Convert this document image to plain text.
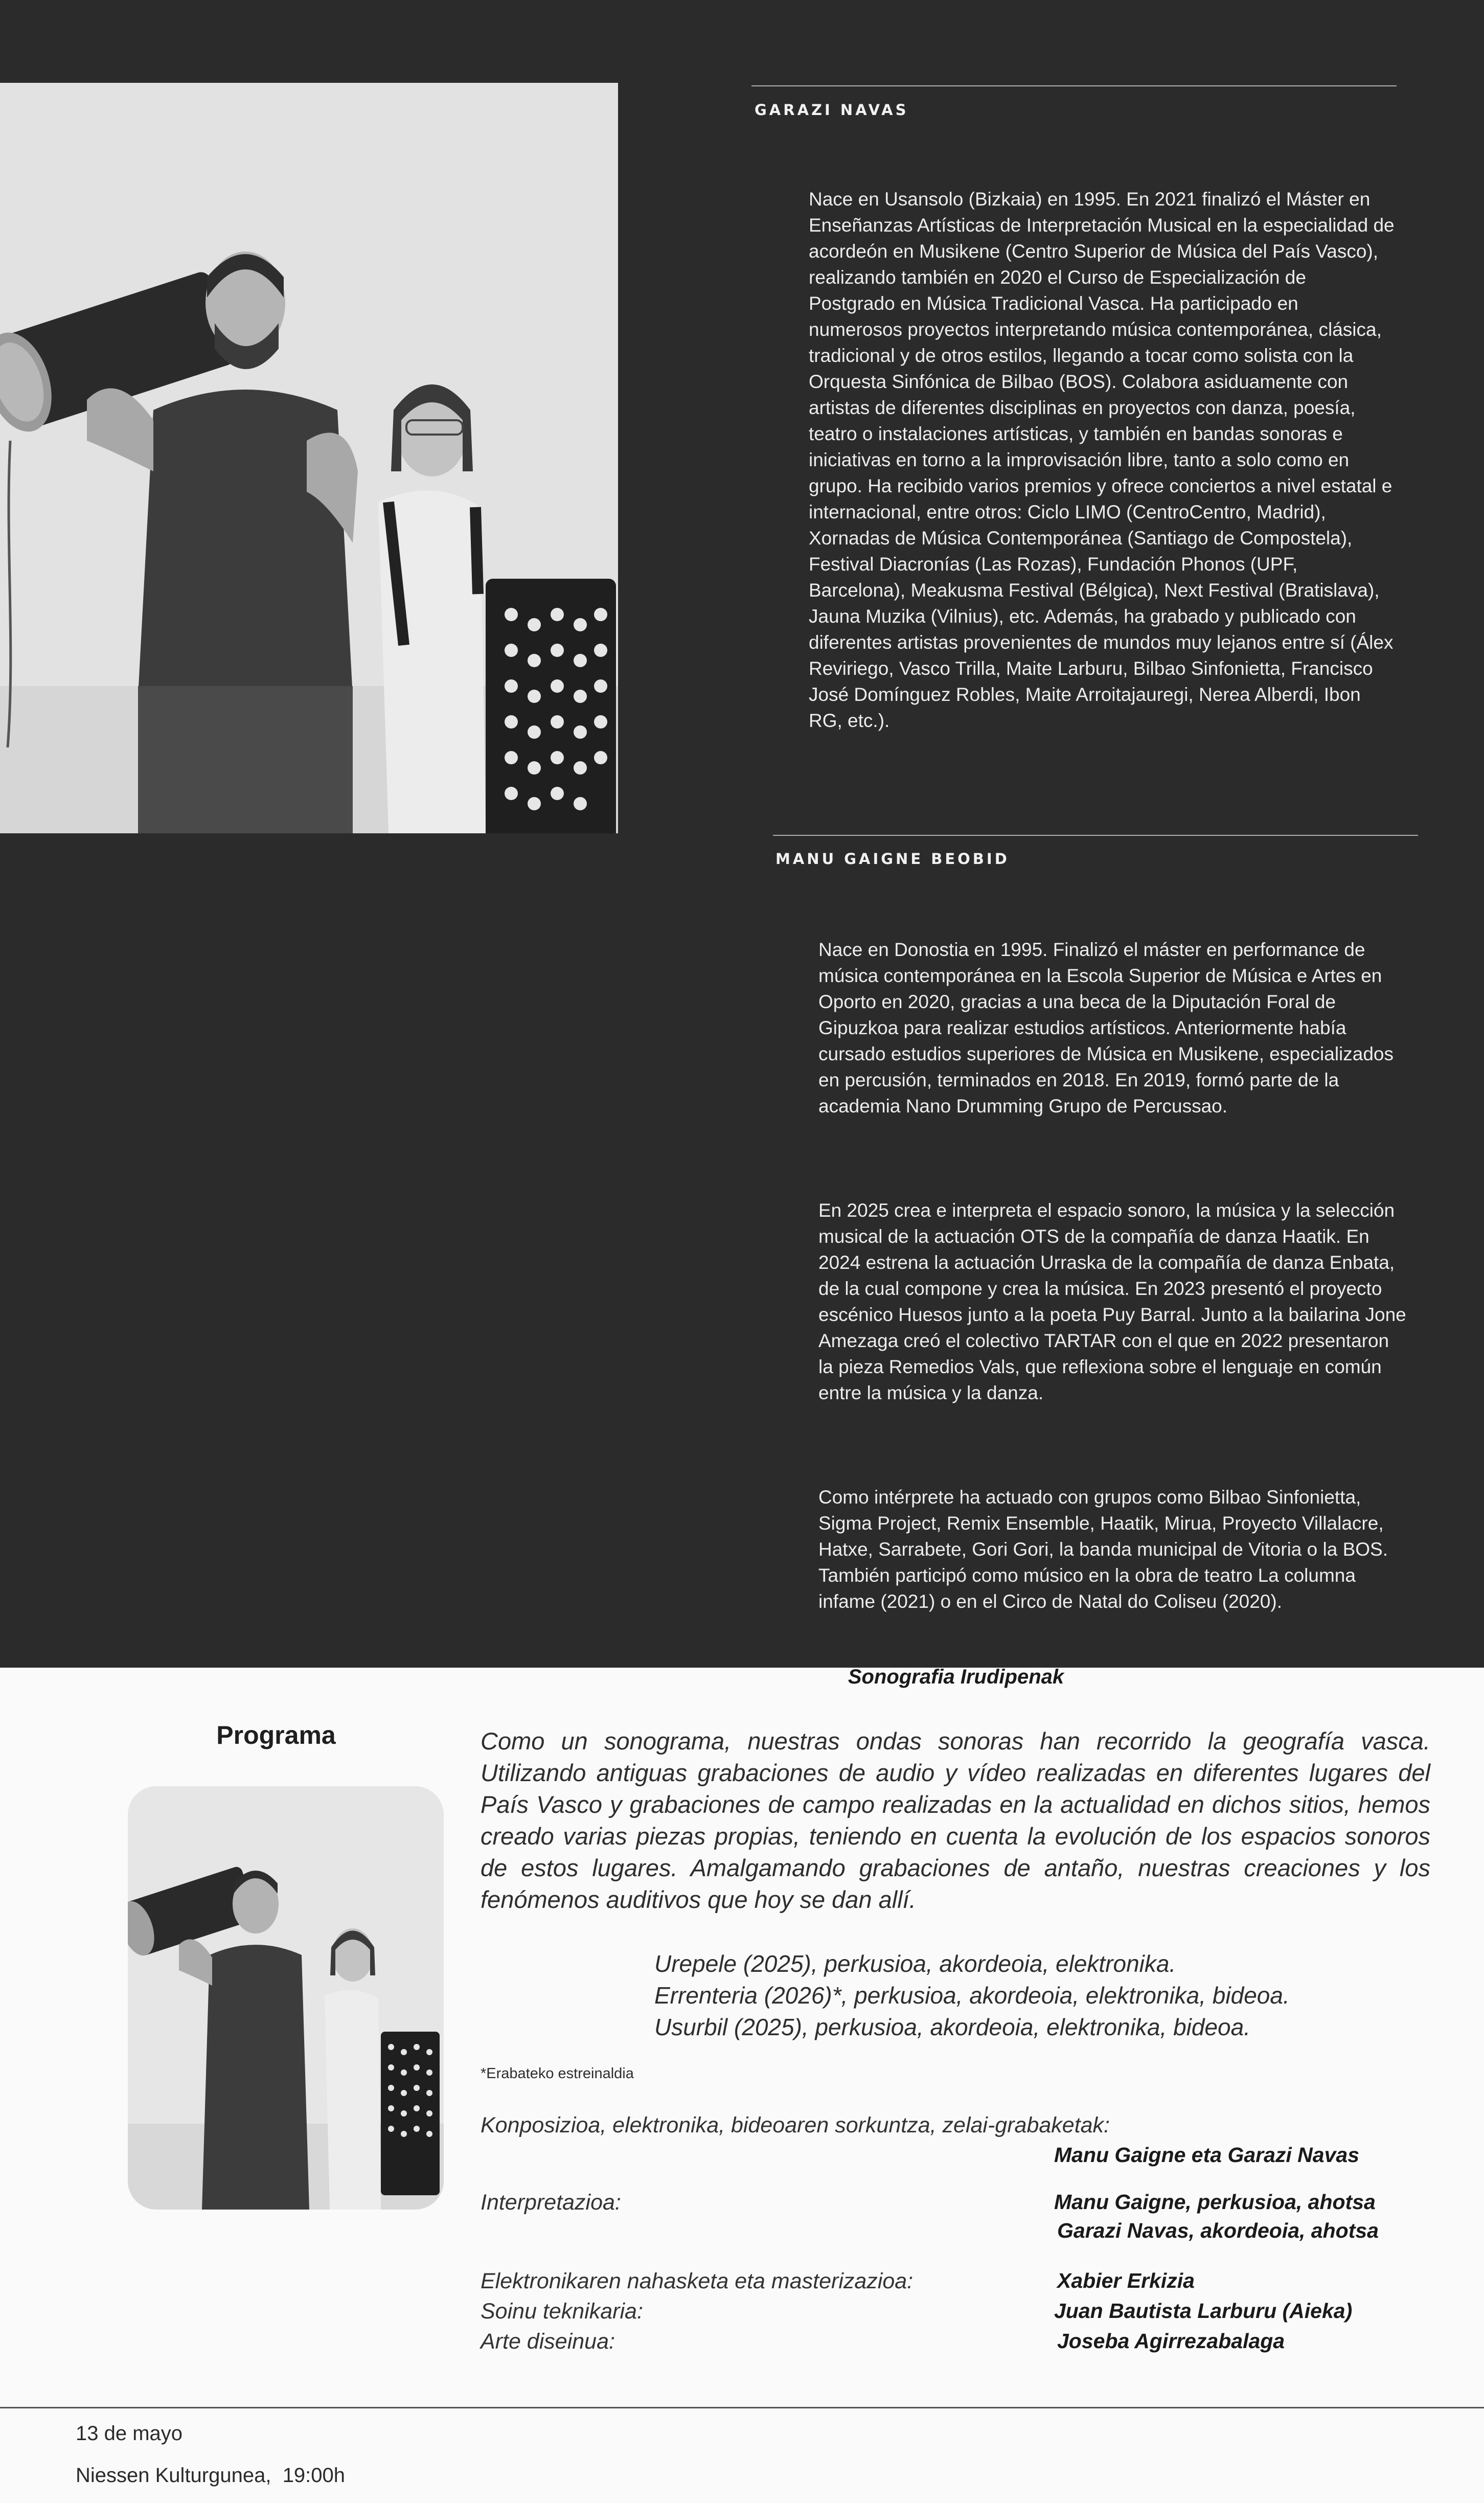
GARAZI NAVAS

Nace en Usansolo (Bizkaia) en 1995. En 2021 finalizó el Máster en Enseñanzas Artísticas de Interpretación Musical en la especialidad de acordeón en Musikene (Centro Superior de Música del País Vasco), realizando también en 2020 el Curso de Especialización de Postgrado en Música Tradicional Vasca. Ha participado en numerosos proyectos interpretando música contemporánea, clásica, tradicional y de otros estilos, llegando a tocar como solista con la Orquesta Sinfónica de Bilbao (BOS). Colabora asiduamente con artistas de diferentes disciplinas en proyectos con danza, poesía, teatro o instalaciones artísticas, y también en bandas sonoras e iniciativas en torno a la improvisación libre, tanto a solo como en grupo. Ha recibido varios premios y ofrece conciertos a nivel estatal e internacional, entre otros: Ciclo LIMO (CentroCentro, Madrid), Xornadas de Música Contemporánea (Santiago de Compostela), Festival Diacronías (Las Rozas), Fundación Phonos (UPF, Barcelona), Meakusma Festival (Bélgica), Next Festival (Bratislava), Jauna Muzika (Vilnius), etc. Además, ha grabado y publicado con diferentes artistas provenientes de mundos muy lejanos entre sí (Álex Reviriego, Vasco Trilla, Maite Larburu, Bilbao Sinfonietta, Francisco José Domínguez Robles, Maite Arroitajauregi, Nerea Alberdi, Ibon RG, etc.).

MANU GAIGNE BEOBID

Nace en Donostia en 1995. Finalizó el máster en performance de música contemporánea en la Escola Superior de Música e Artes en Oporto en 2020, gracias a una beca de la Diputación Foral de Gipuzkoa para realizar estudios artísticos. Anteriormente había cursado estudios superiores de Música en Musikene, especializados en percusión, terminados en 2018. En 2019, formó parte de la academia Nano Drumming Grupo de Percussao.

En 2025 crea e interpreta el espacio sonoro, la música y la selección musical de la actuación OTS de la compañía de danza Haatik. En 2024 estrena la actuación Urraska de la compañía de danza Enbata, de la cual compone y crea la música. En 2023 presentó el proyecto escénico Huesos junto a la poeta Puy Barral. Junto a la bailarina Jone Amezaga creó el colectivo TARTAR con el que en 2022 presentaron la pieza Remedios Vals, que reflexiona sobre el lenguaje en común entre la música y la danza.

Como intérprete ha actuado con grupos como Bilbao Sinfonietta, Sigma Project, Remix Ensemble, Haatik, Mirua, Proyecto Villalacre, Hatxe, Sarrabete, Gori Gori, la banda municipal de Vitoria o la BOS. También participó como músico en la obra de teatro La columna infame (2021) o en el Circo de Natal do Coliseu (2020).

Sonografia Irudipenak
Programa	Como un sonograma, nuestras ondas sonoras han recorrido la geografía vasca. Utilizando antiguas grabaciones de audio y vídeo realizadas en diferentes lugares del País Vasco y grabaciones de campo realizadas en la actualidad en dichos sitios, hemos creado varias piezas propias, teniendo en cuenta la evolución de los espacios sonoros de estos lugares. Amalgamando grabaciones de antaño, nuestras creaciones y los fenómenos auditivos que hoy se dan allí.
Urepele (2025), perkusioa, akordeoia, elektronika.
Errenteria (2026)*, perkusioa, akordeoia, elektronika, bideoa.
Usurbil (2025), perkusioa, akordeoia, elektronika, bideoa.
*Erabateko estreinaldia
Konposizioa, elektronika, bideoaren sorkuntza, zelai-grabaketak:
Manu Gaigne eta Garazi Navas
Interpretazioa:	Manu Gaigne, perkusioa, ahotsa
Garazi Navas, akordeoia, ahotsa
Elektronikaren nahasketa eta masterizazioa:	Xabier Erkizia
Soinu teknikaria:	Juan Bautista Larburu (Aieka)
Arte diseinua:	Joseba Agirrezabalaga
13 de mayo
Niessen Kulturgunea,  19:00h
